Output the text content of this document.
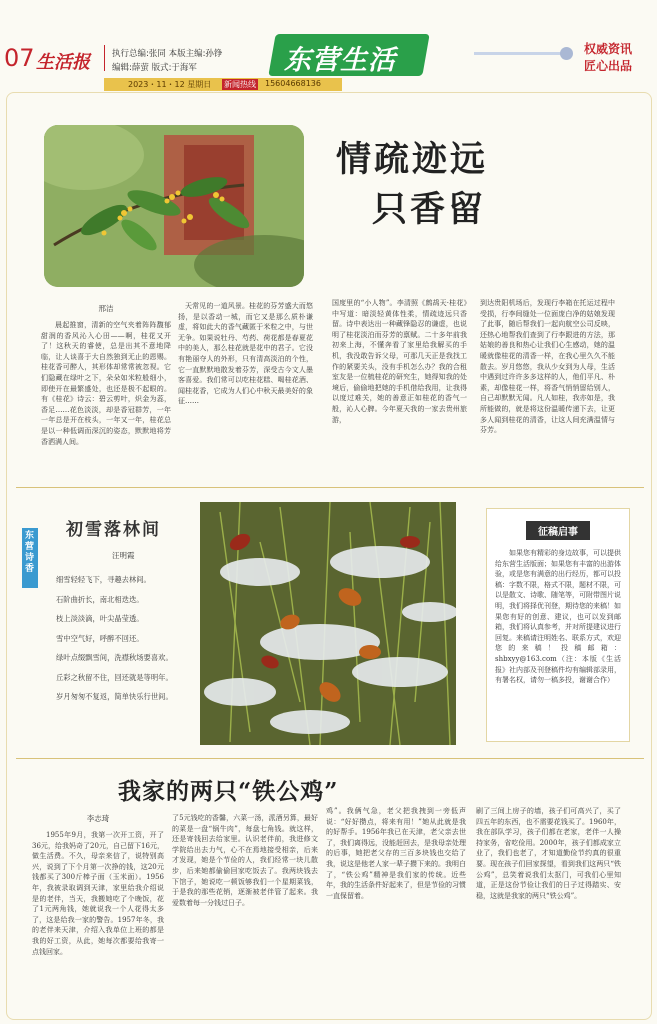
07 生活报	执行总编:张同 本版主编:孙铮
编辑:薛萤 版式:于海军	东营生活	权威资讯
匠心出品
2023・11・12 星期日 新闻热线 15604668136
情疏迹远
只香留
邢洁
晨起推窗，清新的空气夹着阵阵馥郁甜润的香风沁入心田——啊，桂花又开了！这秋天的睿使，总是出其不意地降临，让人谈喜于大自然独到无止的恩赐。桂花香可醉人，其形体却常常被忽视。它们隐藏在绿叶之下，朵朵如米粒般细小，即使开在最繁盛处，也还是极不起眼的。有《桂花》诗云：碧云剪叶，炽金为蕊，香足……花色淡淡，却是香冠群芳，一年一年总是开在枝头，一年又一年，桂花总是以一种低调而深沉的姿态，默默地将芳香洒满人间。
天常见的一道风景。桂花的芬芳盛大而悠扬，是以香动一城，而它又是那么质朴谦虚，将如此大的香气藏匿于米粒之中，与世无争。如果说牡丹、芍药、荷花都是春夏花中的美人，那么桂花就是花中的君子。它没有艳丽夺人的外形，只有清高淡泊的个性，它一直默默地散发着芬芳，深受古今文人墨客喜爱。我们常可以吃桂花糕、喝桂花酒、闻桂花香，它成为人们心中秋天最美好的象征……
国度里的“小人物”。李清照《鹧鸪天·桂花》中写道：暗淡轻黄体性柔，情疏迹远只香留。诗中表达出一种藏锋隐忍的谦虚，也说明了桂花淡泊而芬芳的禀赋。二十多年前我初来上海，不懂奔看了家里给我解买的手机，我没敢告诉父母，可那几天正是我找工作的紧要关头，没有手机怎么办？我的合租室友是一位梳桂花的研究生，她得知我的处境后，偷偷地把她的手机借给我用，让我得以度过难关，她的善意正如桂花的香气一般，沁人心脾。今年夏天我的一家去贵州旅游，
到达贵阳机场后，发现行李箱在托运过程中受损，行李间缝处一位面庞白净的姑娘发现了此事，随后帮我们一起向航空公司反映，还热心地帮我们查到了行李跟进的方法，那姑娘的善良和热心让我们心生感动，她的温暖就像桂花的清香一样，在我心里久久不能散去。岁月悠悠，我从少女到为人母，生活中遇到过许许多多这样的人，他们平凡、朴素，却像桂花一样，将香气悄悄留给别人，自己却默默无闻。凡人如桂，我亦如是，我所能做的，就是将这份温暖传递下去，让更多人闻到桂花的清香，让这人间充满温情与芬芳。
东营诗香
初雪落林间
汪明霞

细雪轻轻飞下，寻趣去林间。

石阶曲折长，南北相迭迭。

枝上淡淡滴，叶尖晶莹透。

雪中空气好，呼醉不回还。

绿叶点缀飘雪间，洗襟秋场要喜欢。

丘彩之秋留不住，回还就是等明年。

岁月匆匆不复返，简单快乐行世间。

征稿启事
如果您有精彩的身边故事，可以提供给东营生活版面；如果您有丰富的出游体验，或是您有满意的出行经历，都可以投稿：字数不限，格式不限，题材不限，可以是散文、诗歌、随笔等，可附带图片说明，我们将择优刊登，期待您的来稿！如果您有好的创意、建议，也可以发到邮箱，我们将认真参考，并对所提建议进行回复。来稿请注明姓名、联系方式，欢迎您的来稿！投稿邮箱：shbxyy@163.com（注：本版《生活报》社内部及刊登稿件均有编辑部录用，有署名权，请勿一稿多投，谢谢合作）
我家的两只“铁公鸡”
李志琦
1955年9月，我第一次开工资，开了36元，给我妈奇了20元，自己留下16元，做生活费。不久，母亲来信了，说特别高兴，说到了下个月第一次挣的钱，这20元钱都买了300斤棒子面（玉米面）。1956年，我被录取调到天津，家里给我介绍说是的老伴，当天，我搬她吃了个晚饭，花了1元两角钱，她就说我一个人花得太多了，这是给我一家的警告。1957年冬，我的老伴来天津，介绍入我单位上班的都是我的好工资，从此，她每次都要给我寄一点钱回家。
了5元钱吃的香馨，六菜一汤，派酒另算，最好的菜是一盘“锅牛肉”，每盘七角钱。就这样，还是寄钱回去给家里。认识老伴前，我进修文学院给出去力气，心不在焉地接受相亲，后来才发现，她是个节俭的人，我们经常一块儿散步，后来她都偷偷回家吃饭去了。我两块钱去下馆子，她说吃一顿饭够我们一个星期菜钱，于是我的那些花销，逐渐被老伴管了起来。我爱数着每一分钱过日子。
鸡”。我俩气急，老父把我拽到一旁低声说：“好好攒点，将来有用！”她从此就是我的好帮手。1956年我已在天津，老父亲去世了，我们离得远，没能赶回去，是我母亲处理的后事，她把老父存的三百多块钱也交给了我，说这是他老人家一辈子攒下来的。我明白了，“铁公鸡”精神是我们家的传统。近些年，我的生活条件好起来了，但是节俭的习惯一直保留着。
刷了三间上房子的墙，孩子们可高兴了，买了四五年的东西，也不需要花钱买了。1960年，我在部队学习，孩子们都在老家，老伴一人操持家务，省吃俭用。2000年，孩子们都成家立业了，我们也老了，才知道勤俭节约真的很重要。现在孩子们回家探望，看到我们这两只“铁公鸡”，总笑着说我们太抠门，可我们心里知道，正是这份节俭让我们的日子过得踏实、安稳，这就是我家的两只“铁公鸡”。
